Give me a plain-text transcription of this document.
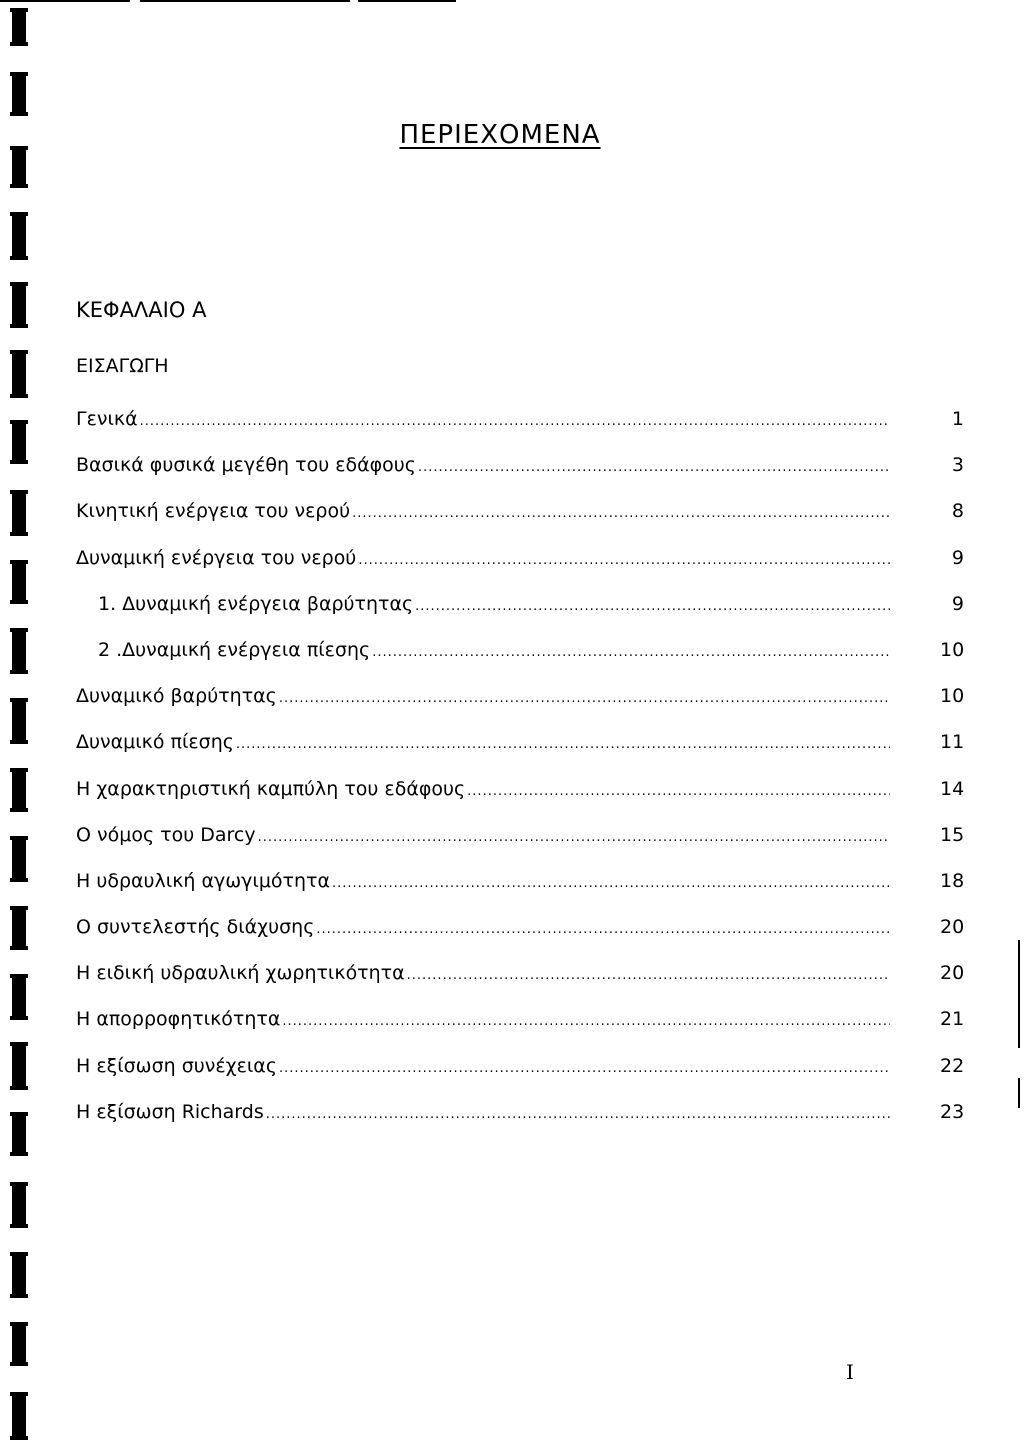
ΠΕΡΙΕΧΟΜΕΝΑ
ΚΕΦΑΛΑΙΟ Α
ΕΙΣΑΓΩΓΗ
Γενικά .....	1
Βασικά φυσικά μεγέθη του εδάφους .....	3
Κινητική ενέργεια του νερού .....	8
Δυναμική ενέργεια του νερού .....	9
1. Δυναμική ενέργεια βαρύτητας .....	9
2 .Δυναμική ενέργεια πίεσης .....	10
Δυναμικό βαρύτητας .....	10
Δυναμικό πίεσης .....	11
Η χαρακτηριστική καμπύλη του εδάφους .....	14
Ο νόμος του Darcy .....	15
Η υδραυλική αγωγιμότητα .....	18
Ο συντελεστής διάχυσης .....	20
Η ειδική υδραυλική χωρητικότητα .....	20
Η απορροφητικότητα .....	21
Η εξίσωση συνέχειας .....	22
Η εξίσωση Richards .....	23
I
